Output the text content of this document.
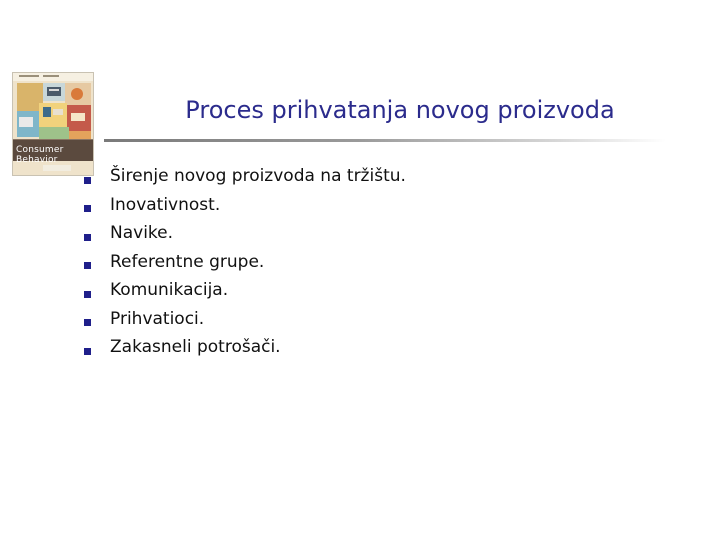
Consumer Behavior
Proces prihvatanja novog proizvoda
Širenje novog proizvoda na tržištu.
Inovativnost.
Navike.
Referentne grupe.
Komunikacija.
Prihvatioci.
Zakasneli potrošači.
